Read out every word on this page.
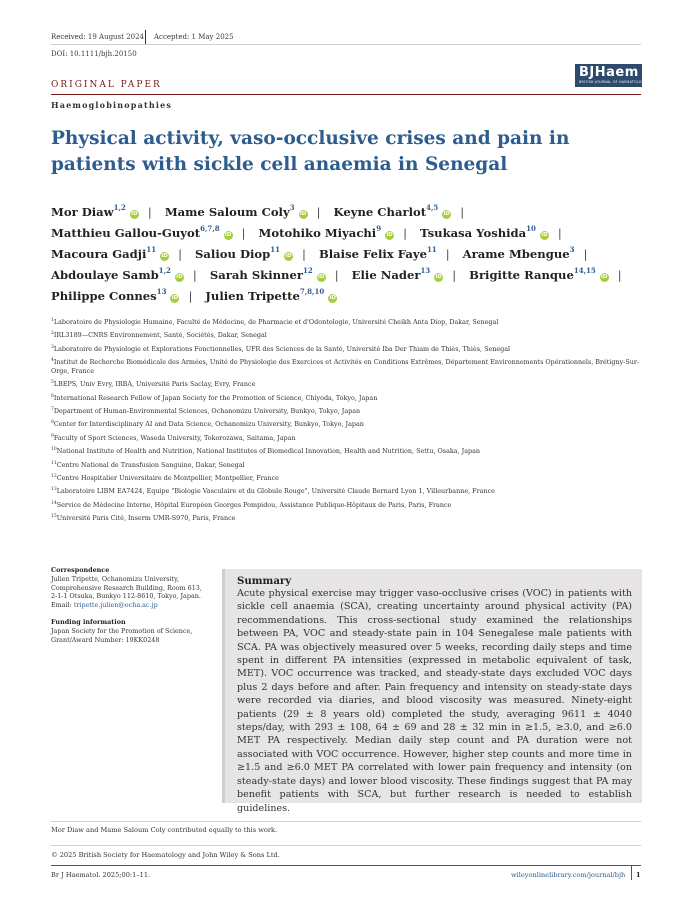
Received: 19 August 2024 Accepted: 1 May 2025
DOI: 10.1111/bjh.20150
ORIGINAL PAPER
Haemoglobinopathies
BJHaem
BRITISH JOURNAL OF HAEMATOLOGY
Physical activity, vaso-occlusive crises and pain in patients with sickle cell anaemia in Senegal
Mor Diaw$^{1,2}$iD | Mame Saloum Coly$^3$iD | Keyne Charlot$^{4,5}$iD |
Matthieu Gallou-Guyot$^{6,7,8}$iD | Motohiko Miyachi$^9$iD | Tsukasa Yoshida$^{10}$iD |
Macoura Gadji$^{11}$iD | Saliou Diop$^{11}$iD | Blaise Felix Faye$^{11}$ | Arame Mbengue$^3$ |
Abdoulaye Samb$^{1,2}$iD | Sarah Skinner$^{12}$iD | Elie Nader$^{13}$iD | Brigitte Ranque$^{14,15}$iD |
Philippe Connes$^{13}$iD | Julien Tripette$^{7,8,10}$iD
$^1$Laboratoire de Physiologie Humaine, Faculté de Médecine, de Pharmacie et d'Odontologie, Université Cheikh Anta Diop, Dakar, Senegal
$^2$IRL3189—CNRS Environnement, Santé, Sociétés, Dakar, Senegal
$^3$Laboratoire de Physiologie et Explorations Fonctionnelles, UFR des Sciences de la Santé, Université Iba Der Thiam de Thiès, Thiès, Senegal
$^4$Institut de Recherche Biomédicale des Armées, Unité de Physiologie des Exercices et Activités en Conditions Extrêmes, Département Environnements Opérationnels, Brétigny-Sur-Orge, France
$^5$LBEPS, Univ Evry, IRBA, Université Paris Saclay, Evry, France
$^6$International Research Fellow of Japan Society for the Promotion of Science, Chiyoda, Tokyo, Japan
$^7$Department of Human-Environmental Sciences, Ochanomizu University, Bunkyo, Tokyo, Japan
$^8$Center for Interdisciplinary AI and Data Science, Ochanomizu University, Bunkyo, Tokyo, Japan
$^9$Faculty of Sport Sciences, Waseda University, Tokorozawa, Saitama, Japan
$^{10}$National Institute of Health and Nutrition, National Institutes of Biomedical Innovation, Health and Nutrition, Settu, Osaka, Japan
$^{11}$Centre National de Transfusion Sanguine, Dakar, Senegal
$^{12}$Centre Hospitalier Universitaire de Montpellier, Montpellier, France
$^{13}$Laboratoire LIBM EA7424, Equipe "Biologie Vasculaire et du Globule Rouge", Université Claude Bernard Lyon 1, Villeurbanne, France
$^{14}$Service de Médecine Interne, Hôpital Européen Georges Pompidou, Assistance Publique-Hôpitaux de Paris, Paris, France
$^{15}$Université Paris Cité, Inserm UMR-S970, Paris, France
Correspondence
Julien Tripette, Ochanomizu University,
Comprehensive Research Building, Room 613,
2-1-1 Otsuka, Bunkyo 112-8610, Tokyo, Japan.
Email: tripette.julien@ocha.ac.jp
Funding information
Japan Society for the Promotion of Science,
Grant/Award Number: 19KK0248
Summary
Acute physical exercise may trigger vaso-occlusive crises (VOC) in patients with sickle cell anaemia (SCA), creating uncertainty around physical activity (PA) recommendations. This cross-sectional study examined the relationships between PA, VOC and steady-state pain in 104 Senegalese male patients with SCA. PA was objectively measured over 5 weeks, recording daily steps and time spent in different PA intensities (expressed in metabolic equivalent of task, MET). VOC occurrence was tracked, and steady-state days excluded VOC days plus 2 days before and after. Pain frequency and intensity on steady-state days were recorded via diaries, and blood viscosity was measured. Ninety-eight patients (29 ± 8 years old) completed the study, averaging 9611 ± 4040 steps/day, with 293 ± 108, 64 ± 69 and 28 ± 32 min in ≥1.5, ≥3.0, and ≥6.0 MET PA respectively. Median daily step count and PA duration were not associated with VOC occurrence. However, higher step counts and more time in ≥1.5 and ≥6.0 MET PA correlated with lower pain frequency and intensity (on steady-state days) and lower blood viscosity. These findings suggest that PA may benefit patients with SCA, but further research is needed to establish guidelines.
Mor Diaw and Mame Saloum Coly contributed equally to this work.
© 2025 British Society for Haematology and John Wiley & Sons Ltd.
Br J Haematol. 2025;00:1–11.	wileyonlinelibrary.com/journal/bjh 1
